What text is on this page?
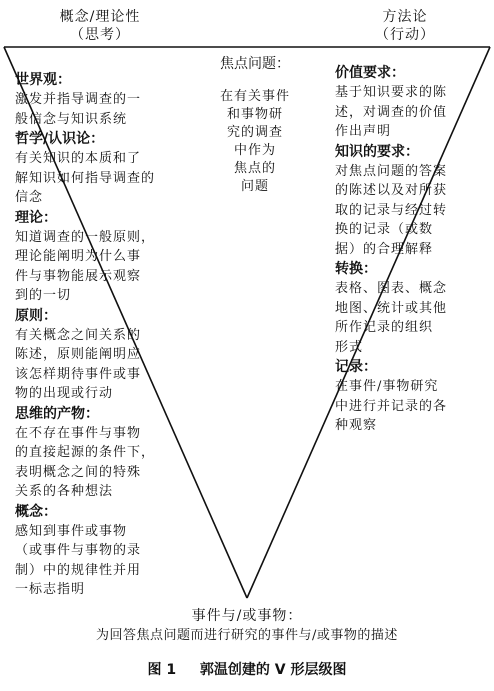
概念/理论性
（思考）
方法论
（行动）
焦点问题：
在有关事件
和事物研
究的调查
中作为
焦点的
问题
世界观：
激发并指导调查的一
般信念与知识系统
哲学/认识论：
有关知识的本质和了
解知识如何指导调查的
信念
理论：
知道调查的一般原则，
理论能阐明为什么事
件与事物能展示观察
到的一切
原则：
有关概念之间关系的
陈述，原则能阐明应
该怎样期待事件或事
物的出现或行动
思维的产物：
在不存在事件与事物
的直接起源的条件下，
表明概念之间的特殊
关系的各种想法
概念：
感知到事件或事物
（或事件与事物的录
制）中的规律性并用
一标志指明
价值要求：
基于知识要求的陈
述，对调查的价值
作出声明
知识的要求：
对焦点问题的答案
的陈述以及对所获
取的记录与经过转
换的记录（或数
据）的合理解释
转换：
表格、图表、概念
地图、统计或其他
所作记录的组织
形式
记录：
在事件/事物研究
中进行并记录的各
种观察
事件与/或事物：
为回答焦点问题而进行研究的事件与/或事物的描述
图 1 郭温创建的 V 形层级图
